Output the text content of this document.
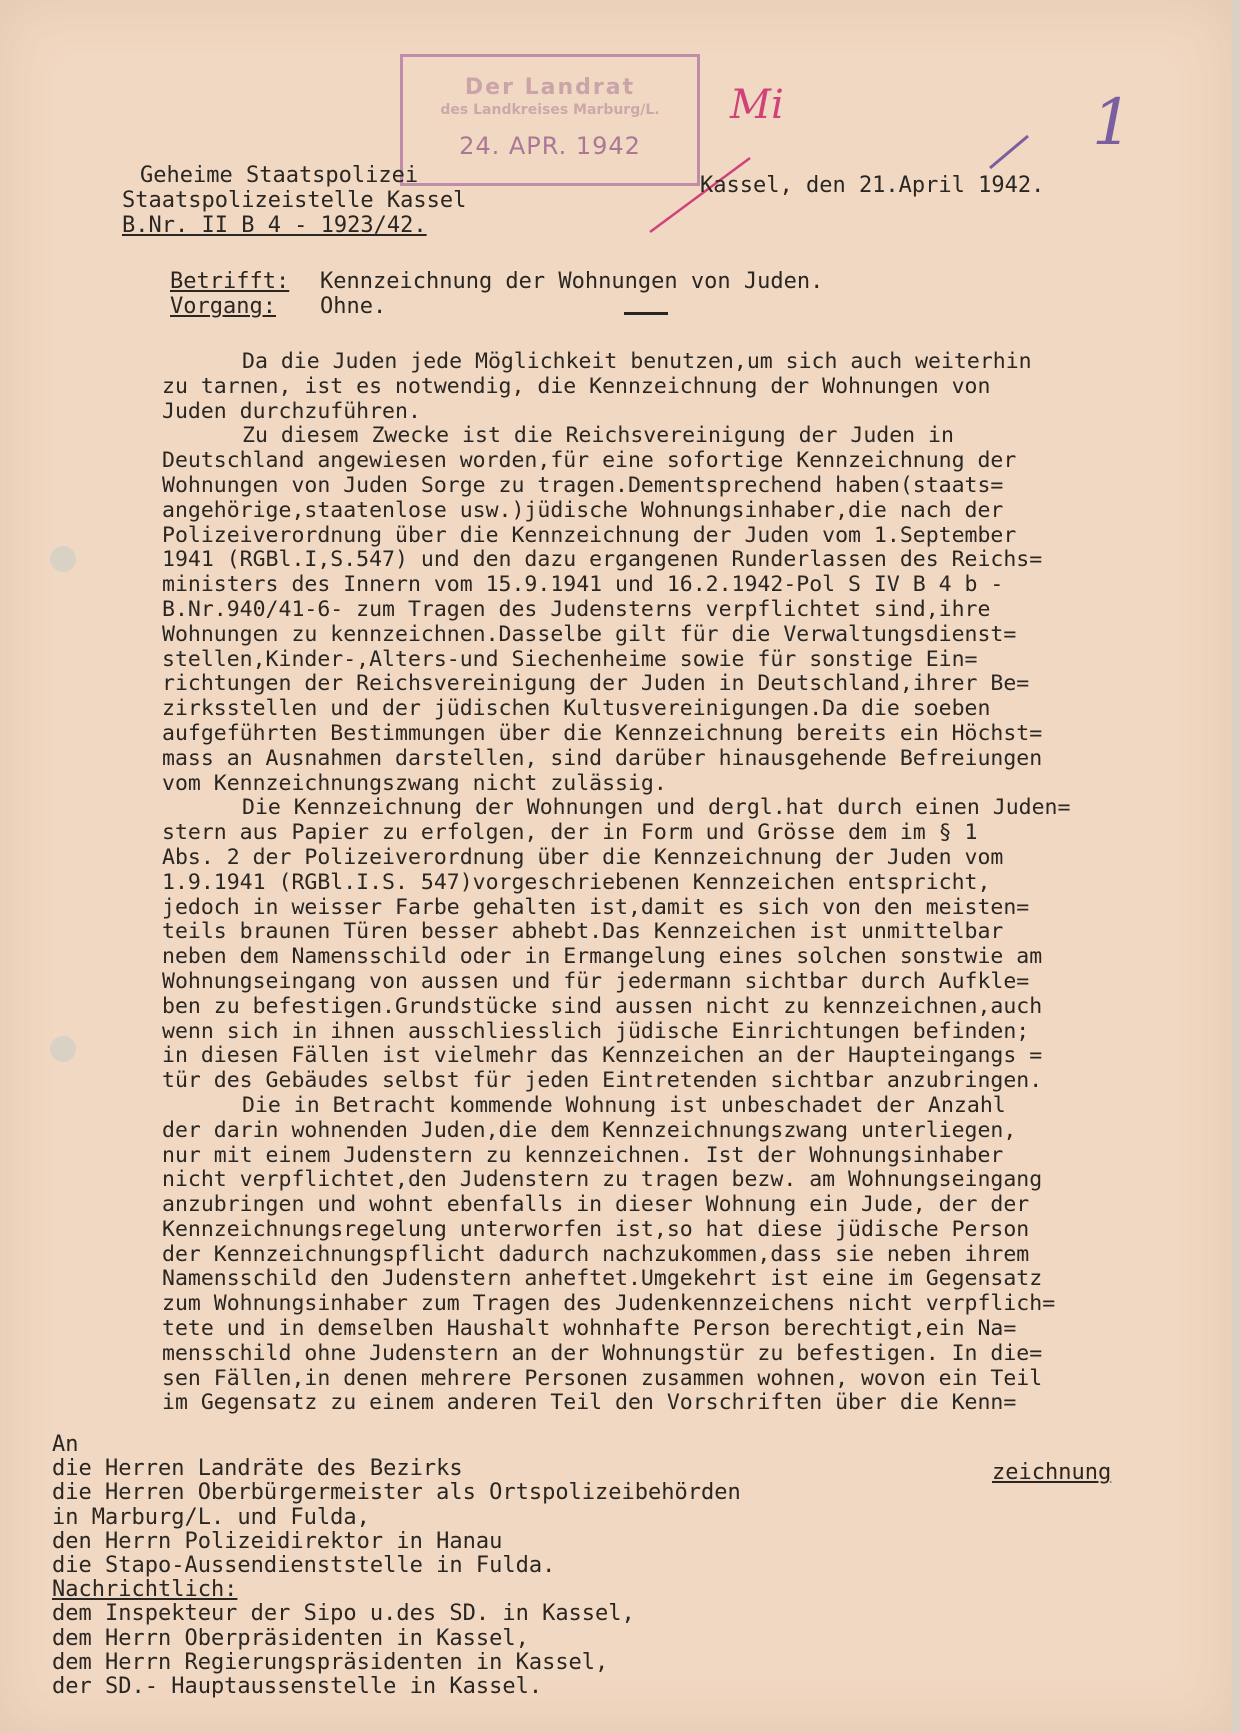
Der Landrat
des Landkreises Marburg/L.
24. APR. 1942
Mi	1
Geheime Staatspolizei
Staatspolizeistelle Kassel
B.Nr. II B 4 - 1923/42.
Kassel, den 21.April 1942.
Betrifft: Kennzeichnung der Wohnungen von Juden.
Vorgang: Ohne.
Da die Juden jede Möglichkeit benutzen,um sich auch weiterhin
zu tarnen, ist es notwendig, die Kennzeichnung der Wohnungen von
Juden durchzuführen.
Zu diesem Zwecke ist die Reichsvereinigung der Juden in
Deutschland angewiesen worden,für eine sofortige Kennzeichnung der
Wohnungen von Juden Sorge zu tragen.Dementsprechend haben(staats=
angehörige,staatenlose usw.)jüdische Wohnungsinhaber,die nach der
Polizeiverordnung über die Kennzeichnung der Juden vom 1.September
1941 (RGBl.I,S.547) und den dazu ergangenen Runderlassen des Reichs=
ministers des Innern vom 15.9.1941 und 16.2.1942-Pol S IV B 4 b -
B.Nr.940/41-6- zum Tragen des Judensterns verpflichtet sind,ihre
Wohnungen zu kennzeichnen.Dasselbe gilt für die Verwaltungsdienst=
stellen,Kinder-,Alters-und Siechenheime sowie für sonstige Ein=
richtungen der Reichsvereinigung der Juden in Deutschland,ihrer Be=
zirksstellen und der jüdischen Kultusvereinigungen.Da die soeben
aufgeführten Bestimmungen über die Kennzeichnung bereits ein Höchst=
mass an Ausnahmen darstellen, sind darüber hinausgehende Befreiungen
vom Kennzeichnungszwang nicht zulässig.
Die Kennzeichnung der Wohnungen und dergl.hat durch einen Juden=
stern aus Papier zu erfolgen, der in Form und Grösse dem im § 1
Abs. 2 der Polizeiverordnung über die Kennzeichnung der Juden vom
1.9.1941 (RGBl.I.S. 547)vorgeschriebenen Kennzeichen entspricht,
jedoch in weisser Farbe gehalten ist,damit es sich von den meisten=
teils braunen Türen besser abhebt.Das Kennzeichen ist unmittelbar
neben dem Namensschild oder in Ermangelung eines solchen sonstwie am
Wohnungseingang von aussen und für jedermann sichtbar durch Aufkle=
ben zu befestigen.Grundstücke sind aussen nicht zu kennzeichnen,auch
wenn sich in ihnen ausschliesslich jüdische Einrichtungen befinden;
in diesen Fällen ist vielmehr das Kennzeichen an der Haupteingangs =
tür des Gebäudes selbst für jeden Eintretenden sichtbar anzubringen.
Die in Betracht kommende Wohnung ist unbeschadet der Anzahl
der darin wohnenden Juden,die dem Kennzeichnungszwang unterliegen,
nur mit einem Judenstern zu kennzeichnen. Ist der Wohnungsinhaber
nicht verpflichtet,den Judenstern zu tragen bezw. am Wohnungseingang
anzubringen und wohnt ebenfalls in dieser Wohnung ein Jude, der der
Kennzeichnungsregelung unterworfen ist,so hat diese jüdische Person
der Kennzeichnungspflicht dadurch nachzukommen,dass sie neben ihrem
Namensschild den Judenstern anheftet.Umgekehrt ist eine im Gegensatz
zum Wohnungsinhaber zum Tragen des Judenkennzeichens nicht verpflich=
tete und in demselben Haushalt wohnhafte Person berechtigt,ein Na=
mensschild ohne Judenstern an der Wohnungstür zu befestigen. In die=
sen Fällen,in denen mehrere Personen zusammen wohnen, wovon ein Teil
im Gegensatz zu einem anderen Teil den Vorschriften über die Kenn=
zeichnung
An
die Herren Landräte des Bezirks
die Herren Oberbürgermeister als Ortspolizeibehörden
in Marburg/L. und Fulda,
den Herrn Polizeidirektor in Hanau
die Stapo-Aussendienststelle in Fulda.
Nachrichtlich:
dem Inspekteur der Sipo u.des SD. in Kassel,
dem Herrn Oberpräsidenten in Kassel,
dem Herrn Regierungspräsidenten in Kassel,
der SD.- Hauptaussenstelle in Kassel.
